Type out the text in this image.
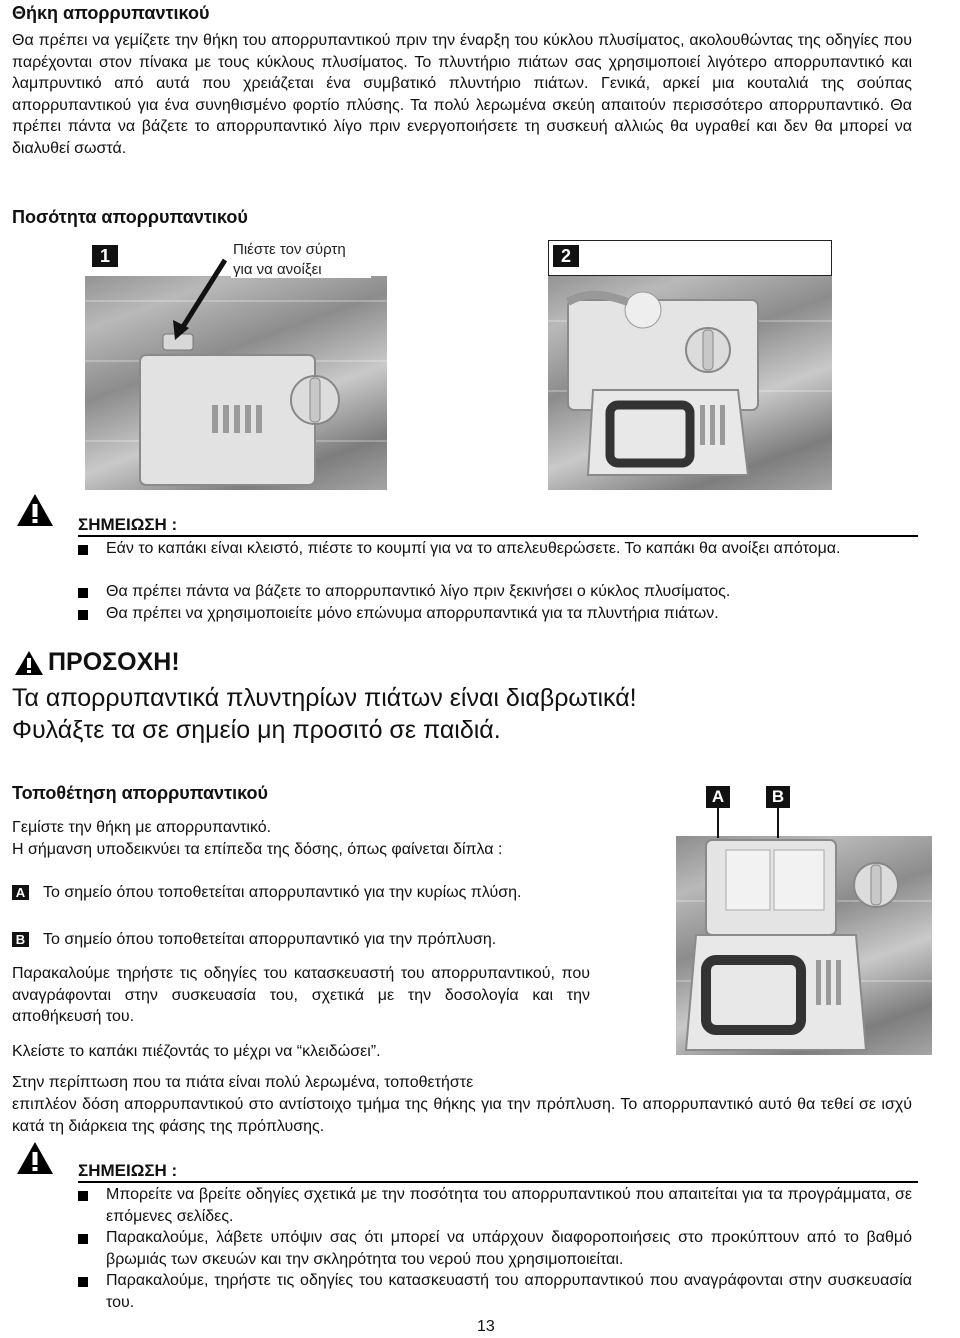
Θήκη απορρυπαντικού
Θα πρέπει να γεμίζετε την θήκη του απορρυπαντικού πριν την έναρξη του κύκλου πλυσίματος, ακολουθώντας της οδηγίες που παρέχονται στον πίνακα με τους κύκλους πλυσίματος. Το πλυντήριο πιάτων σας χρησιμοποιεί λιγότερο απορρυπαντικό και λαμπρυντικό από αυτά που χρειάζεται ένα συμβατικό πλυντήριο πιάτων. Γενικά, αρκεί μια κουταλιά της σούπας απορρυπαντικού για ένα συνηθισμένο φορτίο πλύσης. Τα πολύ λερωμένα σκεύη απαιτούν περισσότερο απορρυπαντικό. Θα πρέπει πάντα να βάζετε το απορρυπαντικό λίγο πριν ενεργοποιήσετε τη συσκευή αλλιώς θα υγραθεί και δεν θα μπορεί να διαλυθεί σωστά.
Ποσότητα απορρυπαντικού
1	Πιέστε τον σύρτη
για να ανοίξει
2
ΣΗΜΕΙΩΣΗ :
Εάν το καπάκι είναι κλειστό, πιέστε το κουμπί για να το απελευθερώσετε. Το καπάκι θα ανοίξει απότομα.
Θα πρέπει πάντα να βάζετε το απορρυπαντικό λίγο πριν ξεκινήσει ο κύκλος πλυσίματος.
Θα πρέπει να χρησιμοποιείτε μόνο επώνυμα απορρυπαντικά για τα πλυντήρια πιάτων.
ΠΡΟΣΟΧΗ!
Τα απορρυπαντικά πλυντηρίων πιάτων είναι διαβρωτικά!
Φυλάξτε τα σε σημείο μη προσιτό σε παιδιά.
Τοποθέτηση απορρυπαντικού
Γεμίστε την θήκη με απορρυπαντικό.
Η σήμανση υποδεικνύει τα επίπεδα της δόσης, όπως φαίνεται δίπλα :
A Το σημείο όπου τοποθετείται απορρυπαντικό για την κυρίως πλύση.
B Το σημείο όπου τοποθετείται απορρυπαντικό για την πρόπλυση.
Παρακαλούμε τηρήστε τις οδηγίες του κατασκευαστή του απορρυπαντικού, που αναγράφονται στην συσκευασία του, σχετικά με την δοσολογία και την αποθήκευσή του.
Κλείστε το καπάκι πιέζοντάς το μέχρι να “κλειδώσει”.
Στην περίπτωση που τα πιάτα είναι πολύ λερωμένα, τοποθετήστε
επιπλέον δόση απορρυπαντικού στο αντίστοιχο τμήμα της θήκης για την πρόπλυση. Το απορρυπαντικό αυτό θα τεθεί σε ισχύ κατά τη διάρκεια της φάσης της πρόπλυσης.
A	B
ΣΗΜΕΙΩΣΗ :
Μπορείτε να βρείτε οδηγίες σχετικά με την ποσότητα του απορρυπαντικού που απαιτείται για τα προγράμματα, σε επόμενες σελίδες.
Παρακαλούμε, λάβετε υπόψιν σας ότι μπορεί να υπάρχουν διαφοροποιήσεις στο προκύπτουν από το βαθμό βρωμιάς των σκευών και την σκληρότητα του νερού που χρησιμοποιείται.
Παρακαλούμε, τηρήστε τις οδηγίες του κατασκευαστή του απορρυπαντικού που αναγράφονται στην συσκευασία του.
13
